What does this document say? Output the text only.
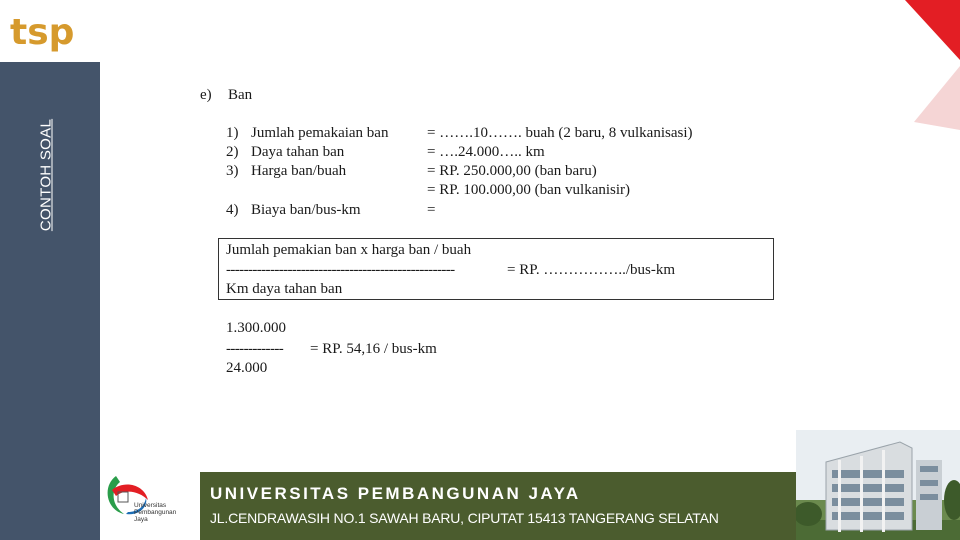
tsp
CONTOH SOAL
e) Ban
1) Jumlah pemakaian ban	= …….10……. buah (2 baru, 8 vulkanisasi)
2) Daya tahan ban	= ….24.000….. km
3) Harga ban/buah	= RP. 250.000,00 (ban baru)
= RP. 100.000,00 (ban vulkanisir)
4) Biaya ban/bus-km	=
Jumlah pemakian ban x harga ban / buah
----------------------------------------------------	= RP. ……………../bus-km
Km daya tahan ban
1.300.000
------------- = RP. 54,16 / bus-km
24.000
Universitas
Pembangunan
Jaya
UNIVERSITAS PEMBANGUNAN JAYA
JL.CENDRAWASIH NO.1 SAWAH BARU, CIPUTAT 15413 TANGERANG SELATAN
